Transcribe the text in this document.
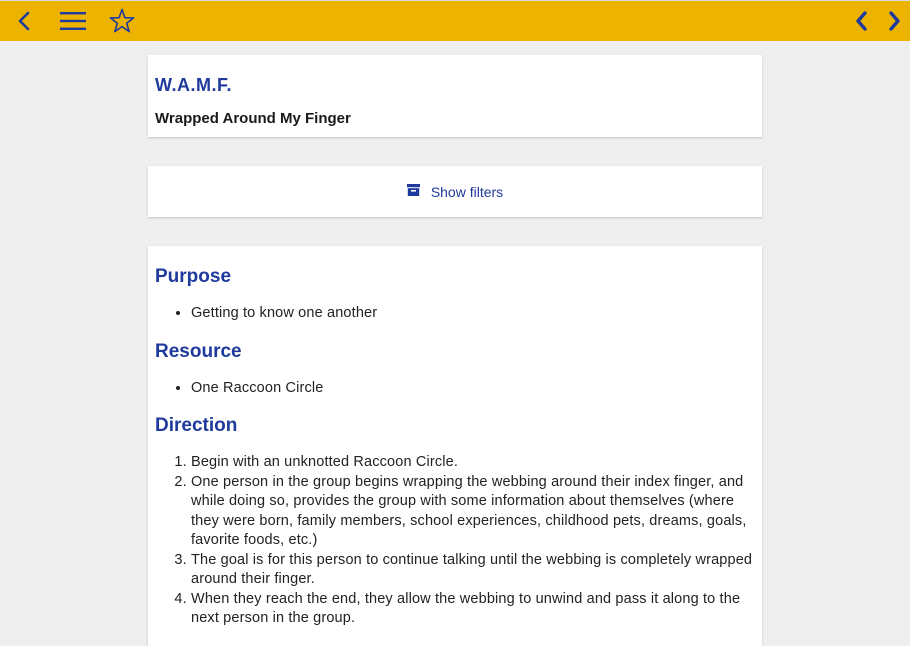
W.A.M.F.
Wrapped Around My Finger
Show filters
Purpose
• Getting to know one another
Resource
• One Raccoon Circle
Direction
1. Begin with an unknotted Raccoon Circle.
2. One person in the group begins wrapping the webbing around their index finger, and while doing so, provides the group with some information about themselves (where they were born, family members, school experiences, childhood pets, dreams, goals, favorite foods, etc.)
3. The goal is for this person to continue talking until the webbing is completely wrapped around their finger.
4. When they reach the end, they allow the webbing to unwind and pass it along to the next person in the group.
